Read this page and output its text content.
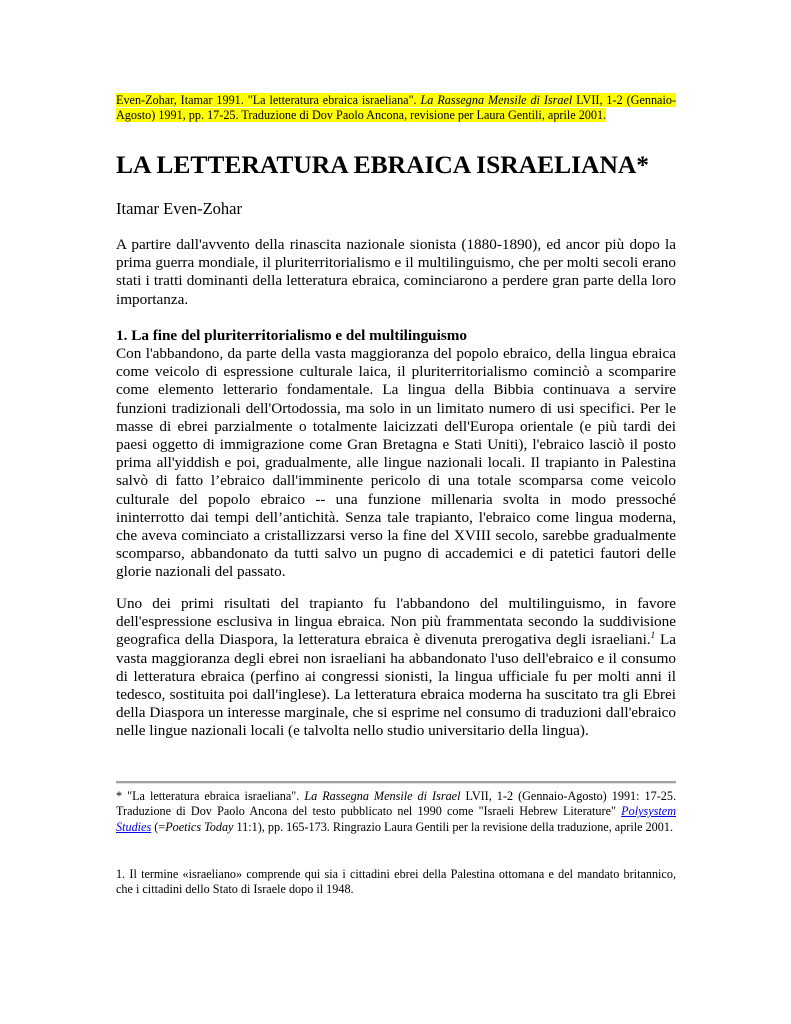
Even-Zohar, Itamar 1991. "La letteratura ebraica israeliana". La Rassegna Mensile di Israel LVII, 1-2 (Gennaio-Agosto) 1991, pp. 17-25. Traduzione di Dov Paolo Ancona, revisione per Laura Gentili, aprile 2001.

LA LETTERATURA EBRAICA ISRAELIANA*
Itamar Even-Zohar

A partire dall'avvento della rinascita nazionale sionista (1880-1890), ed ancor più dopo la prima guerra mondiale, il pluriterritorialismo e il multilinguismo, che per molti secoli erano stati i tratti dominanti della letteratura ebraica, cominciarono a perdere gran parte della loro importanza.

1. La fine del pluriterritorialismo e del multilinguismo

Con l'abbandono, da parte della vasta maggioranza del popolo ebraico, della lingua ebraica come veicolo di espressione culturale laica, il pluriterritorialismo cominciò a scomparire come elemento letterario fondamentale. La lingua della Bibbia continuava a servire funzioni tradizionali dell'Ortodossia, ma solo in un limitato numero di usi specifici. Per le masse di ebrei parzialmente o totalmente laicizzati dell'Europa orientale (e più tardi dei paesi oggetto di immigrazione come Gran Bretagna e Stati Uniti), l'ebraico lasciò il posto prima all'yiddish e poi, gradualmente, alle lingue nazionali locali. Il trapianto in Palestina salvò di fatto l’ebraico dall'imminente pericolo di una totale scomparsa come veicolo culturale del popolo ebraico -- una funzione millenaria svolta in modo pressoché ininterrotto dai tempi dell’antichità. Senza tale trapianto, l'ebraico come lingua moderna, che aveva cominciato a cristallizzarsi verso la fine del XVIII secolo, sarebbe gradualmente scomparso, abbandonato da tutti salvo un pugno di accademici e di patetici fautori delle glorie nazionali del passato.

Uno dei primi risultati del trapianto fu l'abbandono del multilinguismo, in favore dell'espressione esclusiva in lingua ebraica. Non più frammentata secondo la suddivisione geografica della Diaspora, la letteratura ebraica è divenuta prerogativa degli israeliani.$^1$ La vasta maggioranza degli ebrei non israeliani ha abbandonato l'uso dell'ebraico e il consumo di letteratura ebraica (perfino ai congressi sionisti, la lingua ufficiale fu per molti anni il tedesco, sostituita poi dall'inglese). La letteratura ebraica moderna ha suscitato tra gli Ebrei della Diaspora un interesse marginale, che si esprime nel consumo di traduzioni dall'ebraico nelle lingue nazionali locali (e talvolta nello studio universitario della lingua).

* "La letteratura ebraica israeliana". La Rassegna Mensile di Israel LVII, 1-2 (Gennaio-Agosto) 1991: 17-25. Traduzione di Dov Paolo Ancona del testo pubblicato nel 1990 come "Israeli Hebrew Literature" Polysystem Studies (=Poetics Today 11:1), pp. 165-173. Ringrazio Laura Gentili per la revisione della traduzione, aprile 2001.

1. Il termine «israeliano» comprende qui sia i cittadini ebrei della Palestina ottomana e del mandato britannico, che i cittadini dello Stato di Israele dopo il 1948.
